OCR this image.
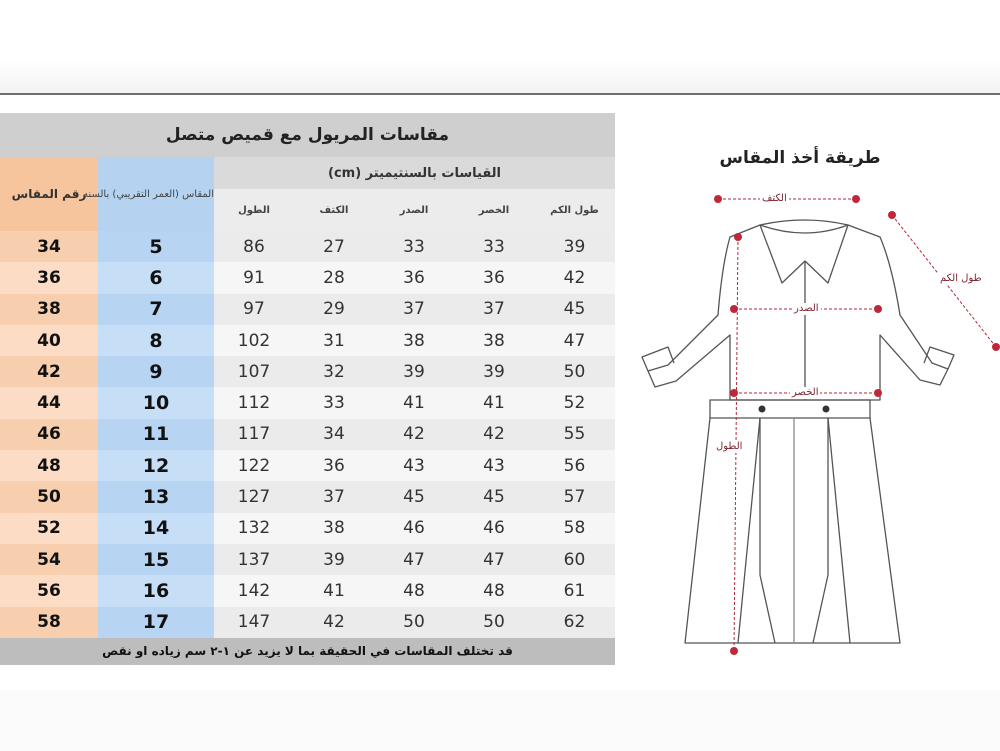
مقاسات المريول مع قميص متصل						
رقم المقاس	المقاس (العمر التقريبي) بالسنه	القياسات بالسنتيميتر (cm)				
		الطول	الكتف	الصدر	الخصر	طول الكم
34	5	86	27	33	33	39
36	6	91	28	36	36	42
38	7	97	29	37	37	45
40	8	102	31	38	38	47
42	9	107	32	39	39	50
44	10	112	33	41	41	52
46	11	117	34	42	42	55
48	12	122	36	43	43	56
50	13	127	37	45	45	57
52	14	132	38	46	46	58
54	15	137	39	47	47	60
56	16	142	41	48	48	61
58	17	147	42	50	50	62
قد تختلف المقاسات في الحقيقة بما لا يزيد عن ١-٢ سم زياده او نقص						
طريقة أخذ المقاس
الكتف
طول الكم
الصدر
الخصر
الطول
